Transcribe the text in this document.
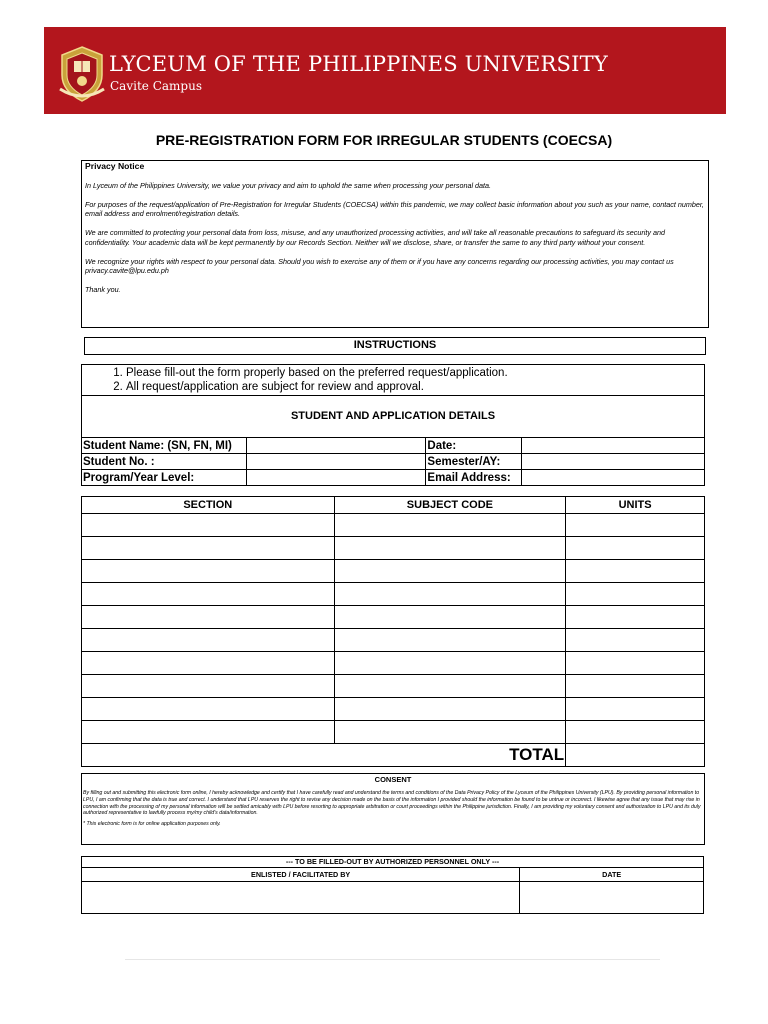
LYCEUM OF THE PHILIPPINES UNIVERSITY
Cavite Campus
PRE-REGISTRATION FORM FOR IRREGULAR STUDENTS (COECSA)
Privacy Notice

In Lyceum of the Philippines University, we value your privacy and aim to uphold the same when processing your personal data.

For purposes of the request/application of Pre-Registration for Irregular Students (COECSA) within this pandemic, we may collect basic information about you such as your name, contact number, email address and enrolment/registration details.

We are committed to protecting your personal data from loss, misuse, and any unauthorized processing activities, and will take all reasonable precautions to safeguard its security and confidentiality. Your academic data will be kept permanently by our Records Section. Neither will we disclose, share, or transfer the same to any third party without your consent.

We recognize your rights with respect to your personal data. Should you wish to exercise any of them or if you have any concerns regarding our processing activities, you may contact us privacy.cavite@lpu.edu.ph

Thank you.

INSTRUCTIONS
1. Please fill-out the form properly based on the preferred request/application.
2. All request/application are subject for review and approval.
STUDENT AND APPLICATION DETAILS
Student Name: (SN, FN, MI)		Date:	
Student No. :		Semester/AY:	
Program/Year Level:		Email Address:	
SECTION	SUBJECT CODE	UNITS

TOTAL		
CONSENT

By filling out and submitting this electronic form online, I hereby acknowledge and certify that I have carefully read and understand the terms and conditions of the Data Privacy Policy of the Lyceum of the Philippines University (LPU). By providing personal information to LPU, I am confirming that the data is true and correct. I understand that LPU reserves the right to revise any decision made on the basis of the information I provided should the information be found to be untrue or incorrect. I likewise agree that any issue that may rise in connection with the processing of my personal information will be settled amicably with LPU before resorting to appropriate arbitration or court proceedings within the Philippine jurisdiction. Finally, I am providing my voluntary consent and authorization to LPU and its duly authorized representative to lawfully process my/my child's data/information.

* This electronic form is for online application purposes only.

--- TO BE FILLED-OUT BY AUTHORIZED PERSONNEL ONLY ---	
ENLISTED / FACILITATED BY	DATE
